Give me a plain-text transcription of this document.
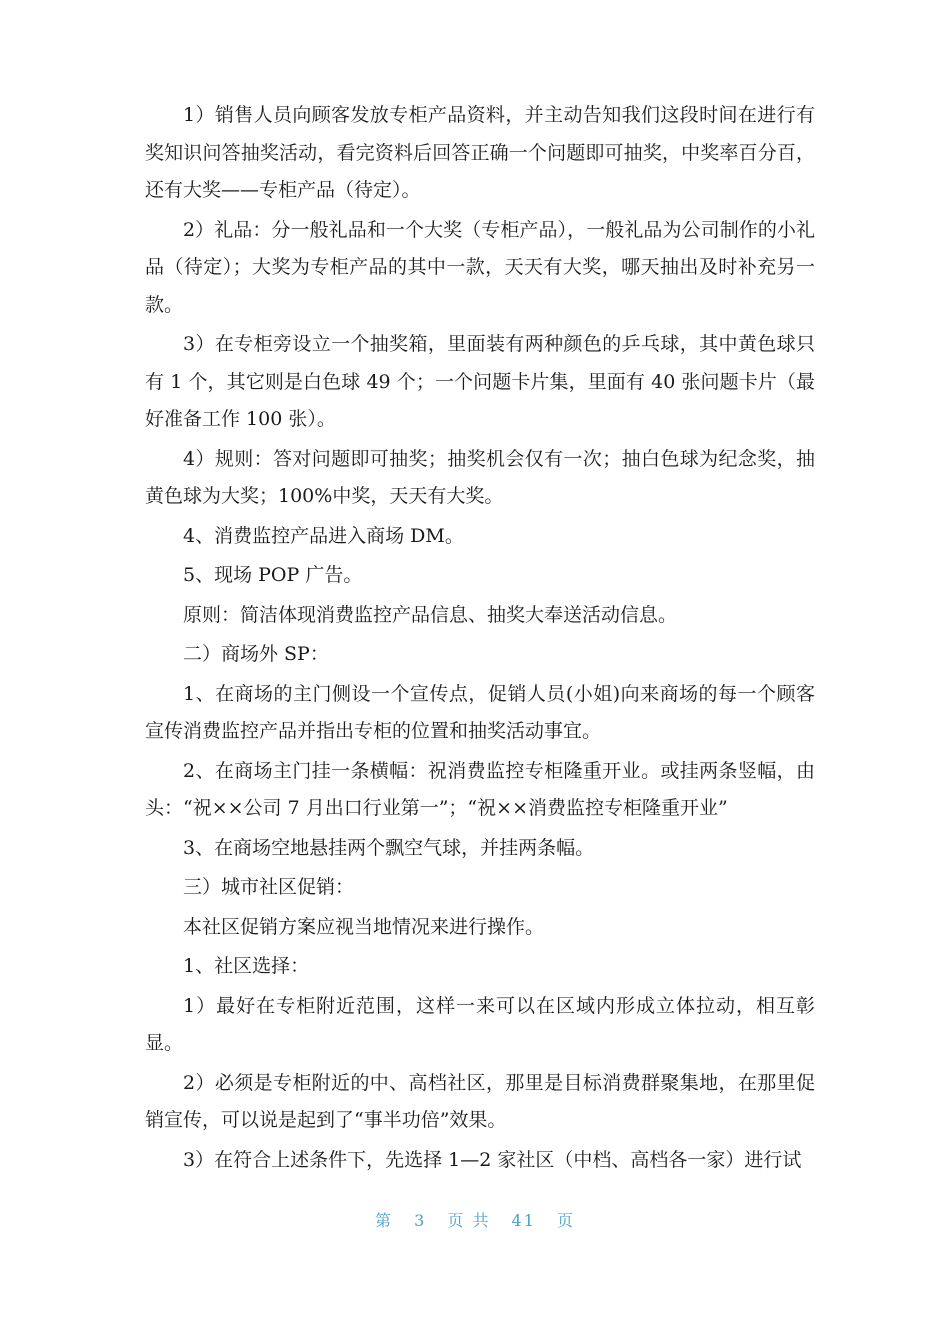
1）销售人员向顾客发放专柜产品资料，并主动告知我们这段时间在进行有奖知识问答抽奖活动，看完资料后回答正确一个问题即可抽奖，中奖率百分百，还有大奖——专柜产品（待定）。

2）礼品：分一般礼品和一个大奖（专柜产品），一般礼品为公司制作的小礼品（待定）；大奖为专柜产品的其中一款，天天有大奖，哪天抽出及时补充另一款。

3）在专柜旁设立一个抽奖箱，里面装有两种颜色的乒乓球，其中黄色球只有 1 个，其它则是白色球 49 个；一个问题卡片集，里面有 40 张问题卡片（最好准备工作 100 张）。

4）规则：答对问题即可抽奖；抽奖机会仅有一次；抽白色球为纪念奖，抽黄色球为大奖；100%中奖，天天有大奖。

4、消费监控产品进入商场 DM。

5、现场 POP 广告。

原则：简洁体现消费监控产品信息、抽奖大奉送活动信息。

二）商场外 SP：

1、在商场的主门侧设一个宣传点，促销人员(小姐)向来商场的每一个顾客宣传消费监控产品并指出专柜的位置和抽奖活动事宜。

2、在商场主门挂一条横幅：祝消费监控专柜隆重开业。或挂两条竖幅，由头：“祝××公司 7 月出口行业第一”；“祝××消费监控专柜隆重开业”

3、在商场空地悬挂两个飘空气球，并挂两条幅。

三）城市社区促销：

本社区促销方案应视当地情况来进行操作。

1、社区选择：

1）最好在专柜附近范围，这样一来可以在区域内形成立体拉动，相互彰显。

2）必须是专柜附近的中、高档社区，那里是目标消费群聚集地，在那里促销宣传，可以说是起到了“事半功倍”效果。

3）在符合上述条件下，先选择 1—2 家社区（中档、高档各一家）进行试

第 3 页 共 41 页
